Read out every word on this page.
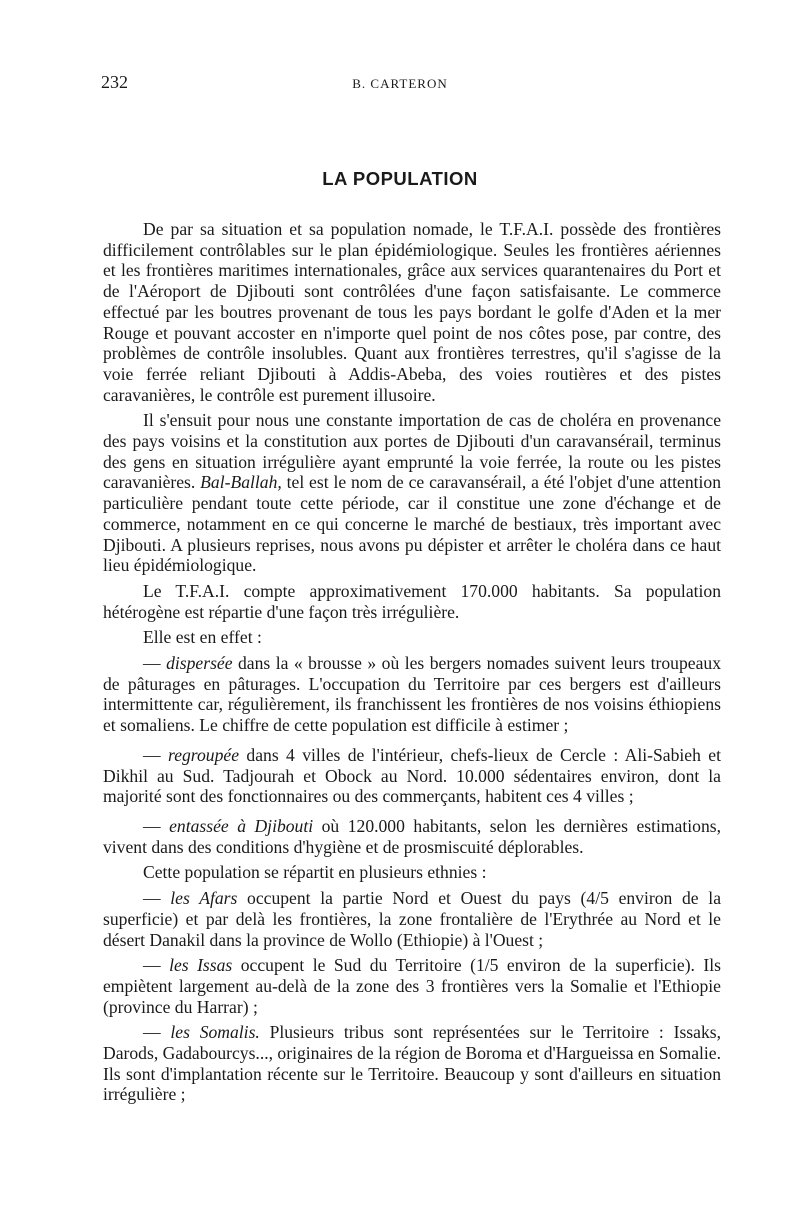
232	B. CARTERON
LA POPULATION

De par sa situation et sa population nomade, le T.F.A.I. possède des frontières difficilement contrôlables sur le plan épidémiologique. Seules les frontières aériennes et les frontières maritimes internationales, grâce aux services quarantenaires du Port et de l'Aéroport de Djibouti sont contrôlées d'une façon satisfaisante. Le commerce effectué par les boutres provenant de tous les pays bordant le golfe d'Aden et la mer Rouge et pouvant accoster en n'importe quel point de nos côtes pose, par contre, des problèmes de contrôle insolubles. Quant aux frontières terrestres, qu'il s'agisse de la voie ferrée reliant Djibouti à Addis-Abeba, des voies routières et des pistes caravanières, le contrôle est purement illusoire.

Il s'ensuit pour nous une constante importation de cas de choléra en provenance des pays voisins et la constitution aux portes de Djibouti d'un caravansérail, terminus des gens en situation irrégulière ayant emprunté la voie ferrée, la route ou les pistes caravanières. Bal-Ballah, tel est le nom de ce caravansérail, a été l'objet d'une attention particulière pendant toute cette période, car il constitue une zone d'échange et de commerce, notamment en ce qui concerne le marché de bestiaux, très important avec Djibouti. A plusieurs reprises, nous avons pu dépister et arrêter le choléra dans ce haut lieu épidémiologique.

Le T.F.A.I. compte approximativement 170.000 habitants. Sa population hétérogène est répartie d'une façon très irrégulière.

Elle est en effet :

— dispersée dans la « brousse » où les bergers nomades suivent leurs troupeaux de pâturages en pâturages. L'occupation du Territoire par ces bergers est d'ailleurs intermittente car, régulièrement, ils franchissent les frontières de nos voisins éthiopiens et somaliens. Le chiffre de cette population est difficile à estimer ;

— regroupée dans 4 villes de l'intérieur, chefs-lieux de Cercle : Ali-Sabieh et Dikhil au Sud. Tadjourah et Obock au Nord. 10.000 sédentaires environ, dont la majorité sont des fonctionnaires ou des commerçants, habitent ces 4 villes ;

— entassée à Djibouti où 120.000 habitants, selon les dernières estimations, vivent dans des conditions d'hygiène et de prosmiscuité déplorables.

Cette population se répartit en plusieurs ethnies :

— les Afars occupent la partie Nord et Ouest du pays (4/5 environ de la superficie) et par delà les frontières, la zone frontalière de l'Erythrée au Nord et le désert Danakil dans la province de Wollo (Ethiopie) à l'Ouest ;

— les Issas occupent le Sud du Territoire (1/5 environ de la superficie). Ils empiètent largement au-delà de la zone des 3 frontières vers la Somalie et l'Ethiopie (province du Harrar) ;

— les Somalis. Plusieurs tribus sont représentées sur le Territoire : Issaks, Darods, Gadabourcys..., originaires de la région de Boroma et d'Hargueissa en Somalie. Ils sont d'implantation récente sur le Territoire. Beaucoup y sont d'ailleurs en situation irrégulière ;
